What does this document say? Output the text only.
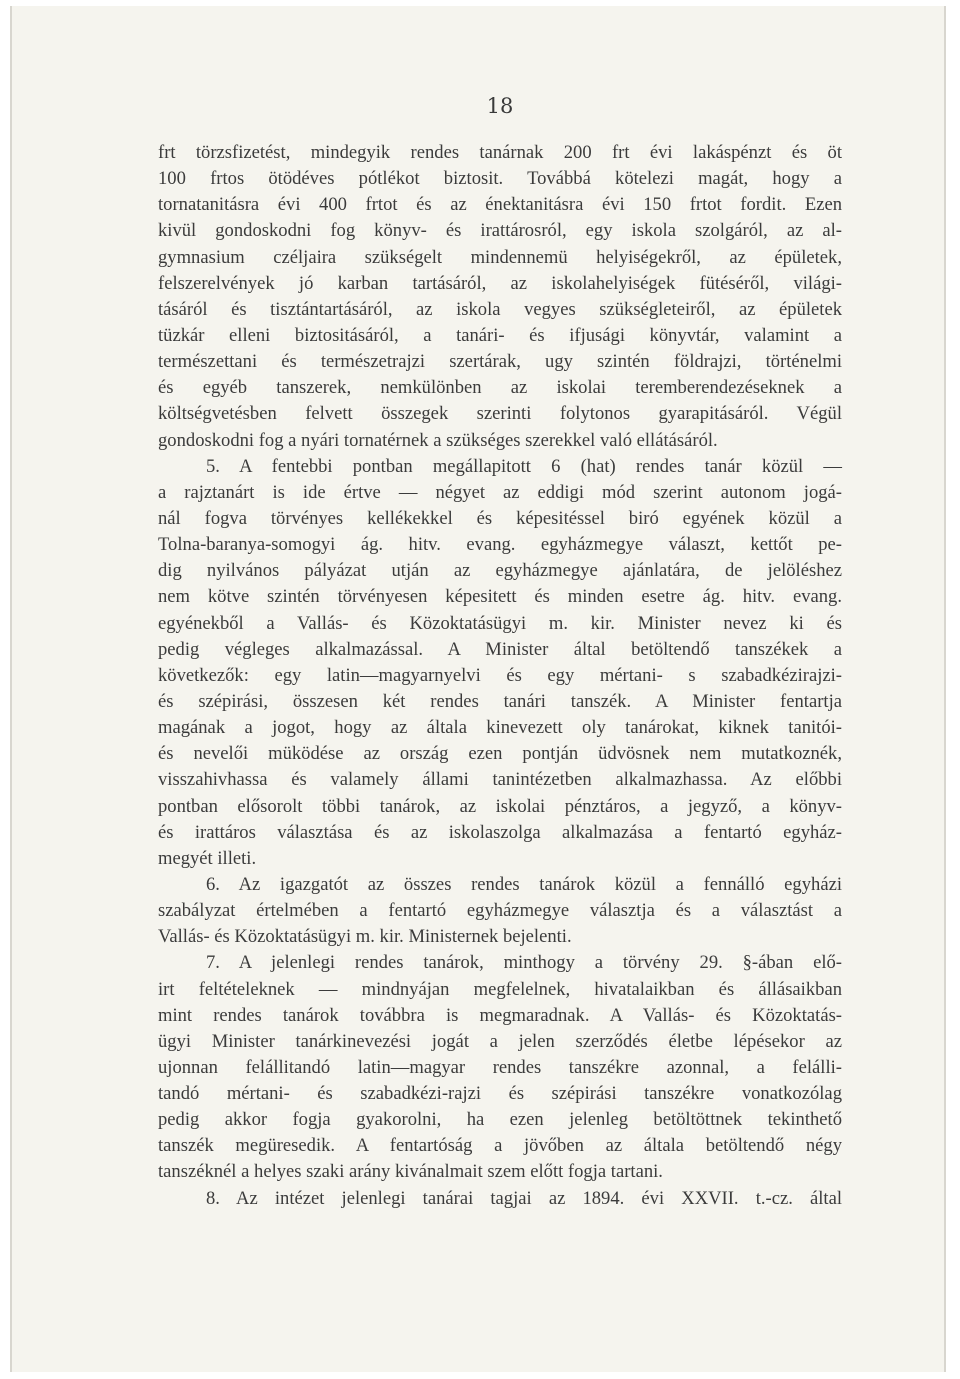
18
frt törzsfizetést, mindegyik rendes tanárnak 200 frt évi lakáspénzt és öt
100 frtos ötödéves pótlékot biztosit. Továbbá kötelezi magát, hogy a
tornatanitásra évi 400 frtot és az énektanitásra évi 150 frtot fordit. Ezen
kivül gondoskodni fog könyv- és irattárosról, egy iskola szolgáról, az al-
gymnasium czéljaira szükségelt mindennemü helyiségekről, az épületek,
felszerelvények jó karban tartásáról, az iskolahelyiségek fütéséről, világi-
tásáról és tisztántartásáról, az iskola vegyes szükségleteiről, az épületek
tüzkár elleni biztositásáról, a tanári- és ifjusági könyvtár, valamint a
természettani és természetrajzi szertárak, ugy szintén földrajzi, történelmi
és egyéb tanszerek, nemkülönben az iskolai teremberendezéseknek a
költségvetésben felvett összegek szerinti folytonos gyarapitásáról. Végül
gondoskodni fog a nyári tornatérnek a szükséges szerekkel való ellátásáról.
5. A fentebbi pontban megállapitott 6 (hat) rendes tanár közül —
a rajztanárt is ide értve — négyet az eddigi mód szerint autonom jogá-
nál fogva törvényes kellékekkel és képesitéssel biró egyének közül a
Tolna-baranya-somogyi ág. hitv. evang. egyházmegye választ, kettőt pe-
dig nyilvános pályázat utján az egyházmegye ajánlatára, de jelöléshez
nem kötve szintén törvényesen képesitett és minden esetre ág. hitv. evang.
egyénekből a Vallás- és Közoktatásügyi m. kir. Minister nevez ki és
pedig végleges alkalmazással. A Minister által betöltendő tanszékek a
következők: egy latin—magyarnyelvi és egy mértani- s szabadkézirajzi-
és szépirási, összesen két rendes tanári tanszék. A Minister fentartja
magának a jogot, hogy az általa kinevezett oly tanárokat, kiknek tanitói-
és nevelői müködése az ország ezen pontján üdvösnek nem mutatkoznék,
visszahivhassa és valamely állami tanintézetben alkalmazhassa. Az előbbi
pontban elősorolt többi tanárok, az iskolai pénztáros, a jegyző, a könyv-
és irattáros választása és az iskolaszolga alkalmazása a fentartó egyház-
megyét illeti.
6. Az igazgatót az összes rendes tanárok közül a fennálló egyházi
szabályzat értelmében a fentartó egyházmegye választja és a választást a
Vallás- és Közoktatásügyi m. kir. Ministernek bejelenti.
7. A jelenlegi rendes tanárok, minthogy a törvény 29. §-ában elő-
irt feltételeknek — mindnyájan megfelelnek, hivatalaikban és állásaikban
mint rendes tanárok továbbra is megmaradnak. A Vallás- és Közoktatás-
ügyi Minister tanárkinevezési jogát a jelen szerződés életbe lépésekor az
ujonnan felállitandó latin—magyar rendes tanszékre azonnal, a felálli-
tandó mértani- és szabadkézi-rajzi és szépirási tanszékre vonatkozólag
pedig akkor fogja gyakorolni, ha ezen jelenleg betöltöttnek tekinthető
tanszék megüresedik. A fentartóság a jövőben az általa betöltendő négy
tanszéknél a helyes szaki arány kivánalmait szem előtt fogja tartani.
8. Az intézet jelenlegi tanárai tagjai az 1894. évi XXVII. t.-cz. által
